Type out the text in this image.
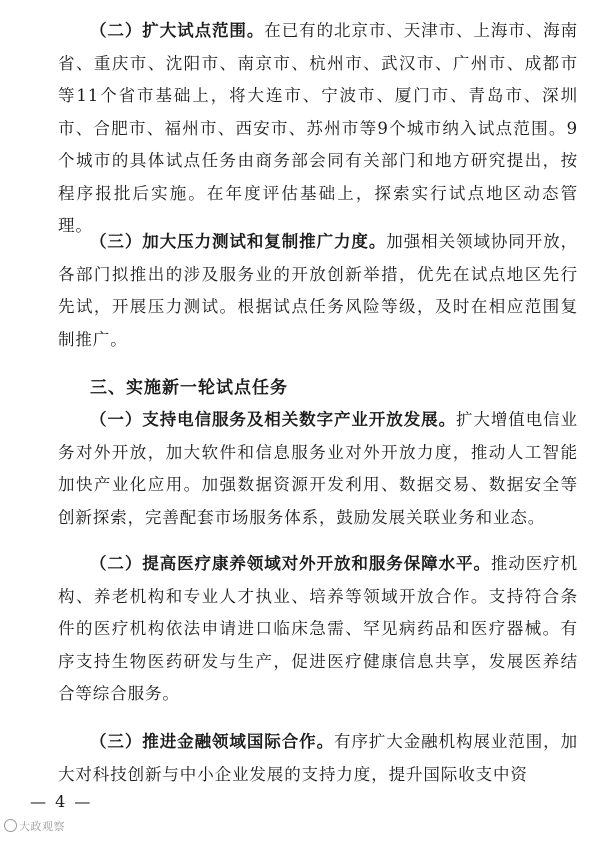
（二）扩大试点范围。在已有的北京市、天津市、上海市、海南省、重庆市、沈阳市、南京市、杭州市、武汉市、广州市、成都市等11个省市基础上，将大连市、宁波市、厦门市、青岛市、深圳市、合肥市、福州市、西安市、苏州市等9个城市纳入试点范围。9个城市的具体试点任务由商务部会同有关部门和地方研究提出，按程序报批后实施。在年度评估基础上，探索实行试点地区动态管理。

（三）加大压力测试和复制推广力度。加强相关领域协同开放，各部门拟推出的涉及服务业的开放创新举措，优先在试点地区先行先试，开展压力测试。根据试点任务风险等级，及时在相应范围复制推广。

三、实施新一轮试点任务

（一）支持电信服务及相关数字产业开放发展。扩大增值电信业务对外开放，加大软件和信息服务业对外开放力度，推动人工智能加快产业化应用。加强数据资源开发利用、数据交易、数据安全等创新探索，完善配套市场服务体系，鼓励发展关联业务和业态。

（二）提高医疗康养领域对外开放和服务保障水平。推动医疗机构、养老机构和专业人才执业、培养等领域开放合作。支持符合条件的医疗机构依法申请进口临床急需、罕见病药品和医疗器械。有序支持生物医药研发与生产，促进医疗健康信息共享，发展医养结合等综合服务。

（三）推进金融领域国际合作。有序扩大金融机构展业范围，加大对科技创新与中小企业发展的支持力度，提升国际收支中资

— 4 —
大政观察
